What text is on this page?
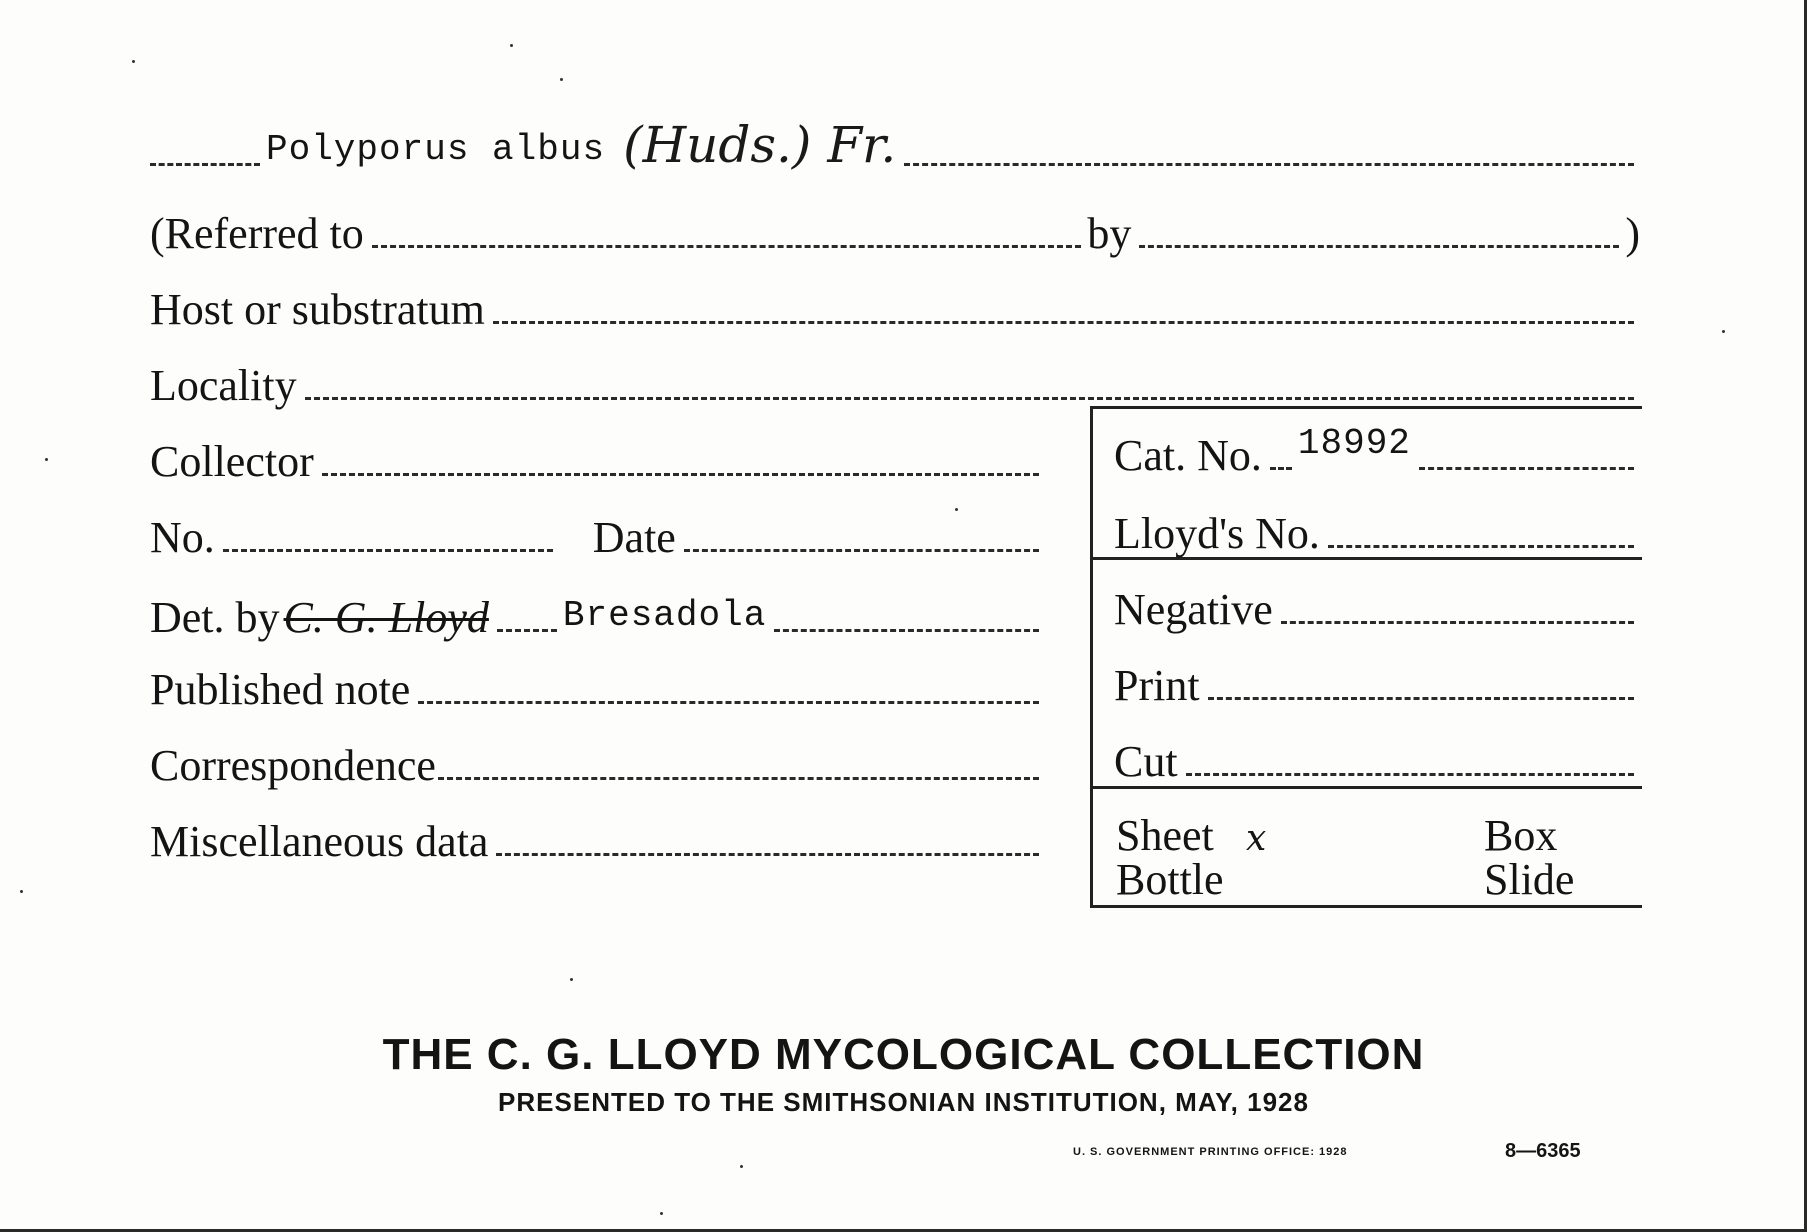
Polyporus albus (Huds.) Fr.
(Referred to	by	)
Host or substratum
Locality
Collector
No.	Date
Det. by C. G. Lloyd Bresadola
Published note
Correspondence
Miscellaneous data
Cat. No. 18992
Lloyd's No.
Negative
Print
Cut
Sheet x	Box
Bottle	Slide
THE C. G. LLOYD MYCOLOGICAL COLLECTION
PRESENTED TO THE SMITHSONIAN INSTITUTION, MAY, 1928
U. S. GOVERNMENT PRINTING OFFICE: 1928	8—6365
